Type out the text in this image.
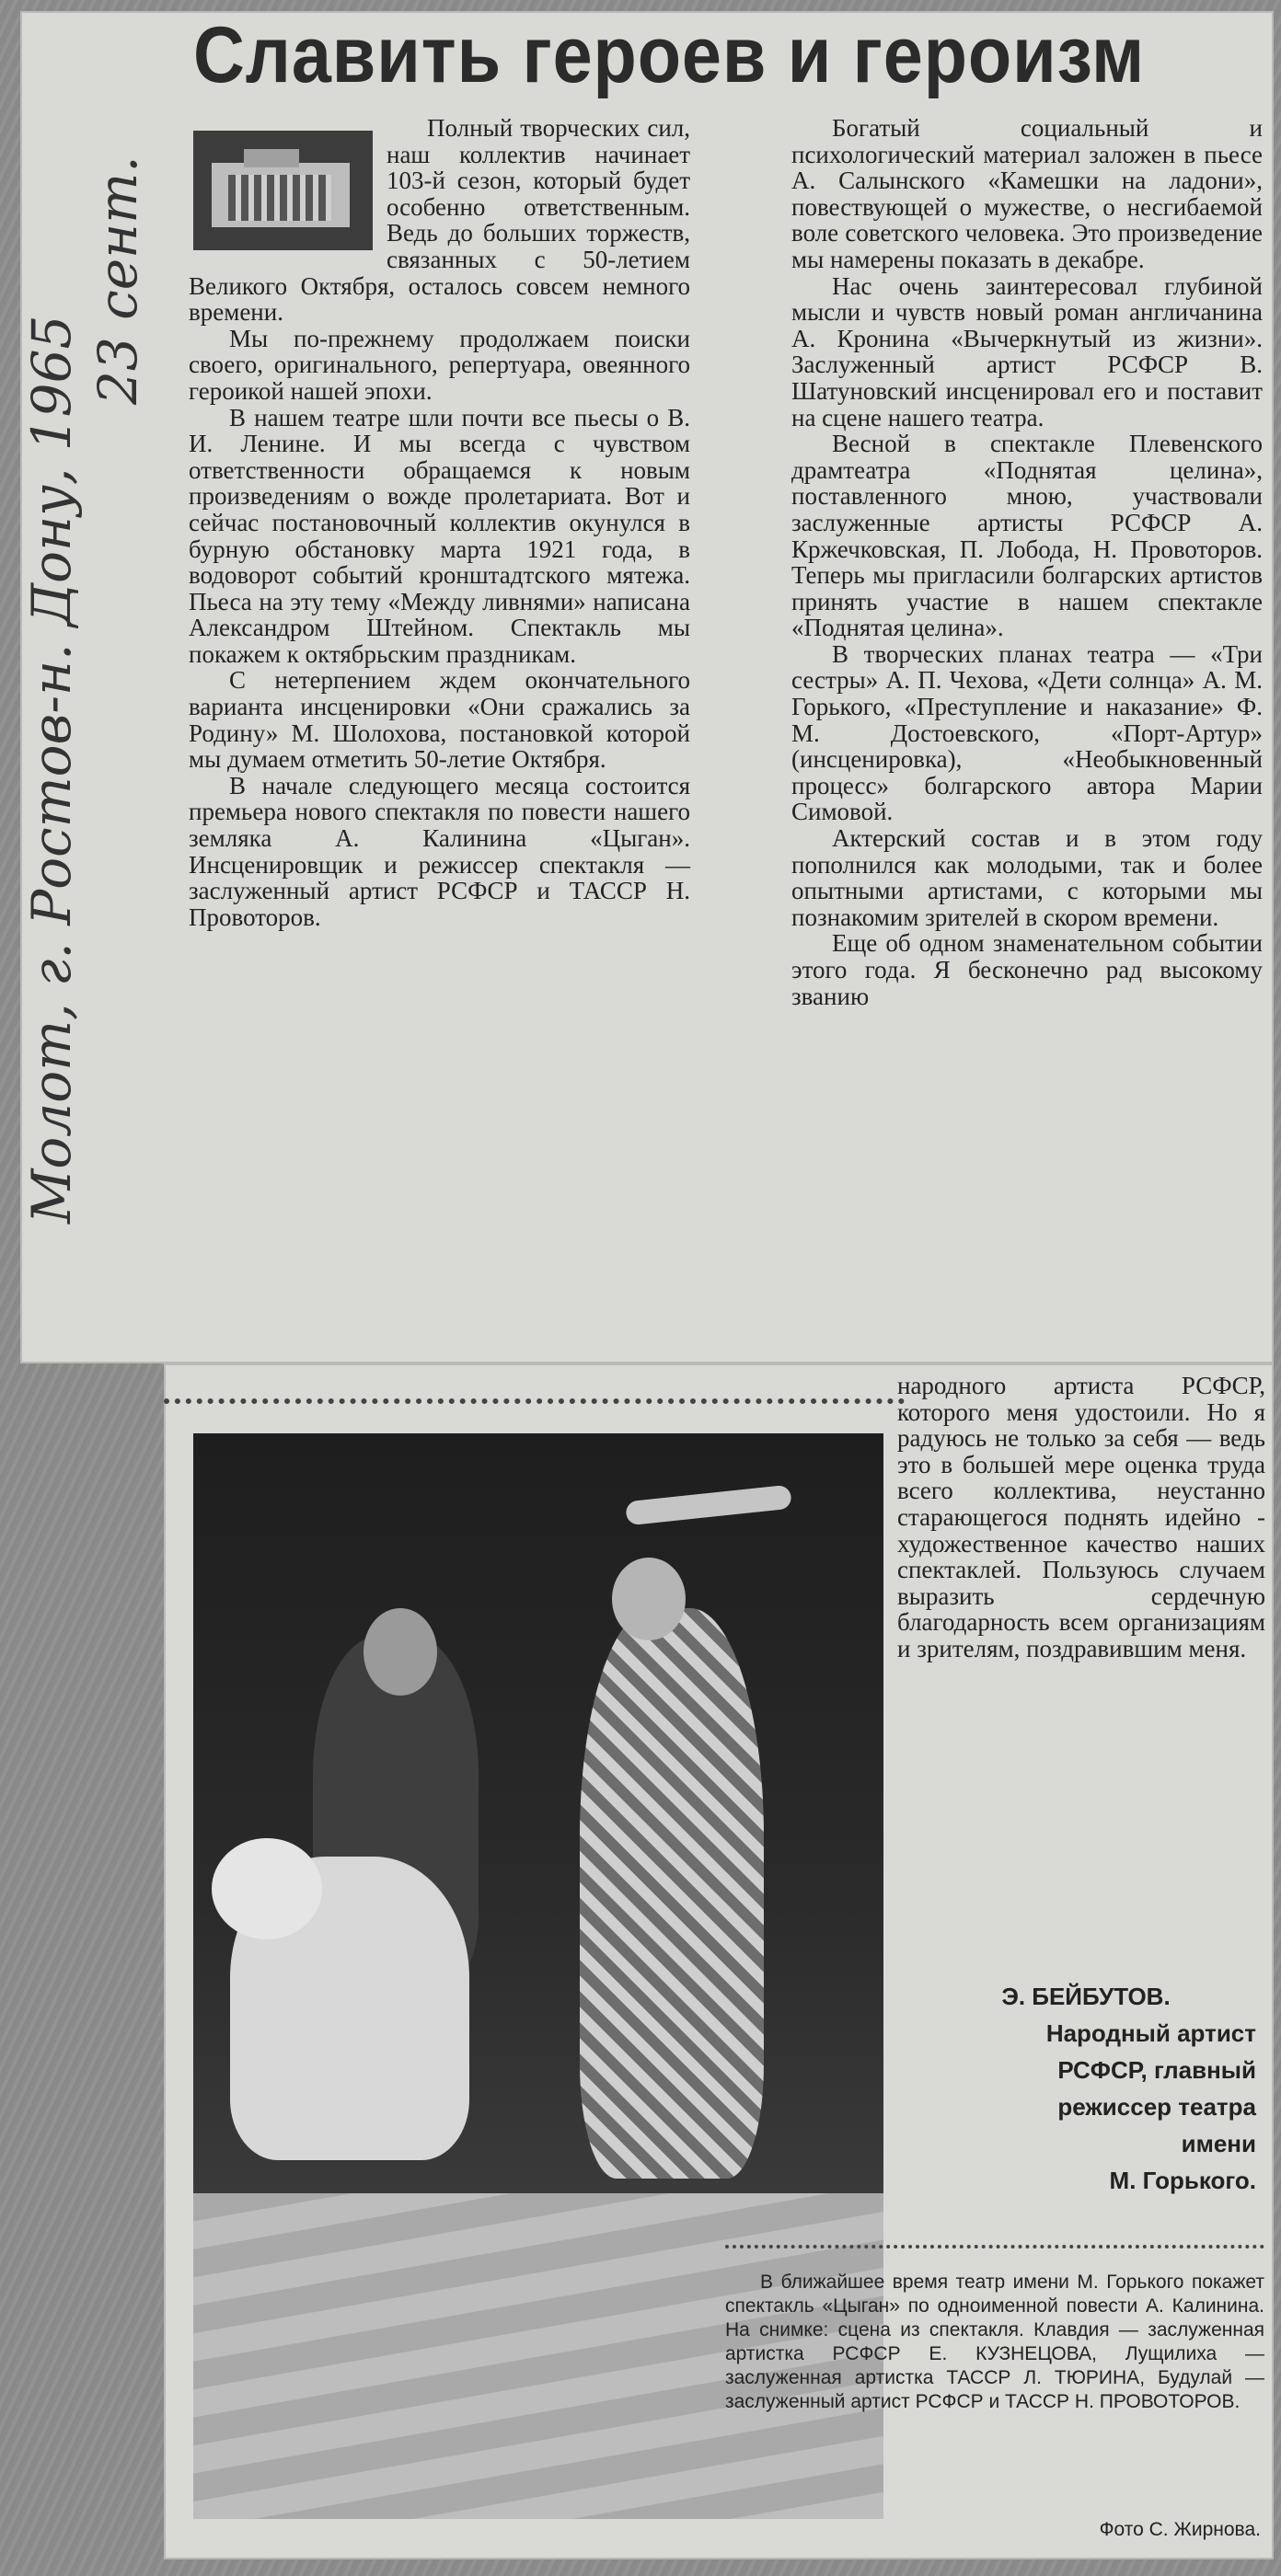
Молот, г. Ростов-н. Дону, 1965
23 сент.
Славить героев и героизм

Полный творческих сил, наш коллектив начинает 103-й сезон, который будет особенно ответственным. Ведь до больших торжеств, связанных с 50-летием Великого Октября, осталось совсем немного времени.

Мы по-прежнему продолжаем поиски своего, оригинального, репертуара, овеянного героикой нашей эпохи.

В нашем театре шли почти все пьесы о В. И. Ленине. И мы всегда с чувством ответственности обращаемся к новым произведениям о вожде пролетариата. Вот и сейчас постановочный коллектив окунулся в бурную обстановку марта 1921 года, в водоворот событий кронштадтского мятежа. Пьеса на эту тему «Между ливнями» написана Александром Штейном. Спектакль мы покажем к октябрьским праздникам.

С нетерпением ждем окончательного варианта инсценировки «Они сражались за Родину» М. Шолохова, постановкой которой мы думаем отметить 50-летие Октября.

В начале следующего месяца состоится премьера нового спектакля по повести нашего земляка А. Калинина «Цыган». Инсценировщик и режиссер спектакля — заслуженный артист РСФСР и ТАССР Н. Провоторов.

Богатый социальный и психологический материал заложен в пьесе А. Салынского «Камешки на ладони», повествующей о мужестве, о несгибаемой воле советского человека. Это произведение мы намерены показать в декабре.

Нас очень заинтересовал глубиной мысли и чувств новый роман англичанина А. Кронина «Вычеркнутый из жизни». Заслуженный артист РСФСР В. Шатуновский инсценировал его и поставит на сцене нашего театра.

Весной в спектакле Плевенского драмтеатра «Поднятая целина», поставленного мною, участвовали заслуженные артисты РСФСР А. Кржечковская, П. Лобода, Н. Провоторов. Теперь мы пригласили болгарских артистов принять участие в нашем спектакле «Поднятая целина».

В творческих планах театра — «Три сестры» А. П. Чехова, «Дети солнца» А. М. Горького, «Преступление и наказание» Ф. М. Достоевского, «Порт-Артур» (инсценировка), «Необыкновенный процесс» болгарского автора Марии Симовой.

Актерский состав и в этом году пополнился как молодыми, так и более опытными артистами, с которыми мы познакомим зрителей в скором времени.

Еще об одном знаменательном событии этого года. Я бесконечно рад высокому званию

народного артиста РСФСР, которого меня удостоили. Но я радуюсь не только за себя — ведь это в большей мере оценка труда всего коллектива, неустанно старающегося поднять идейно - художественное качество наших спектаклей. Пользуюсь случаем выразить сердечную благодарность всем организациям и зрителям, поздравившим меня.

Э. БЕЙБУТОВ.
Народный артист
РСФСР, главный
режиссер театра
имени
М. Горького.

В ближайшее время театр имени М. Горького покажет спектакль «Цыган» по одноименной повести А. Калинина. На снимке: сцена из спектакля. Клавдия — заслуженная артистка РСФСР Е. КУЗНЕЦОВА, Лущилиха — заслуженная артистка ТАССР Л. ТЮРИНА, Будулай — заслуженный артист РСФСР и ТАССР Н. ПРОВОТОРОВ.

Фото С. Жирнова.
